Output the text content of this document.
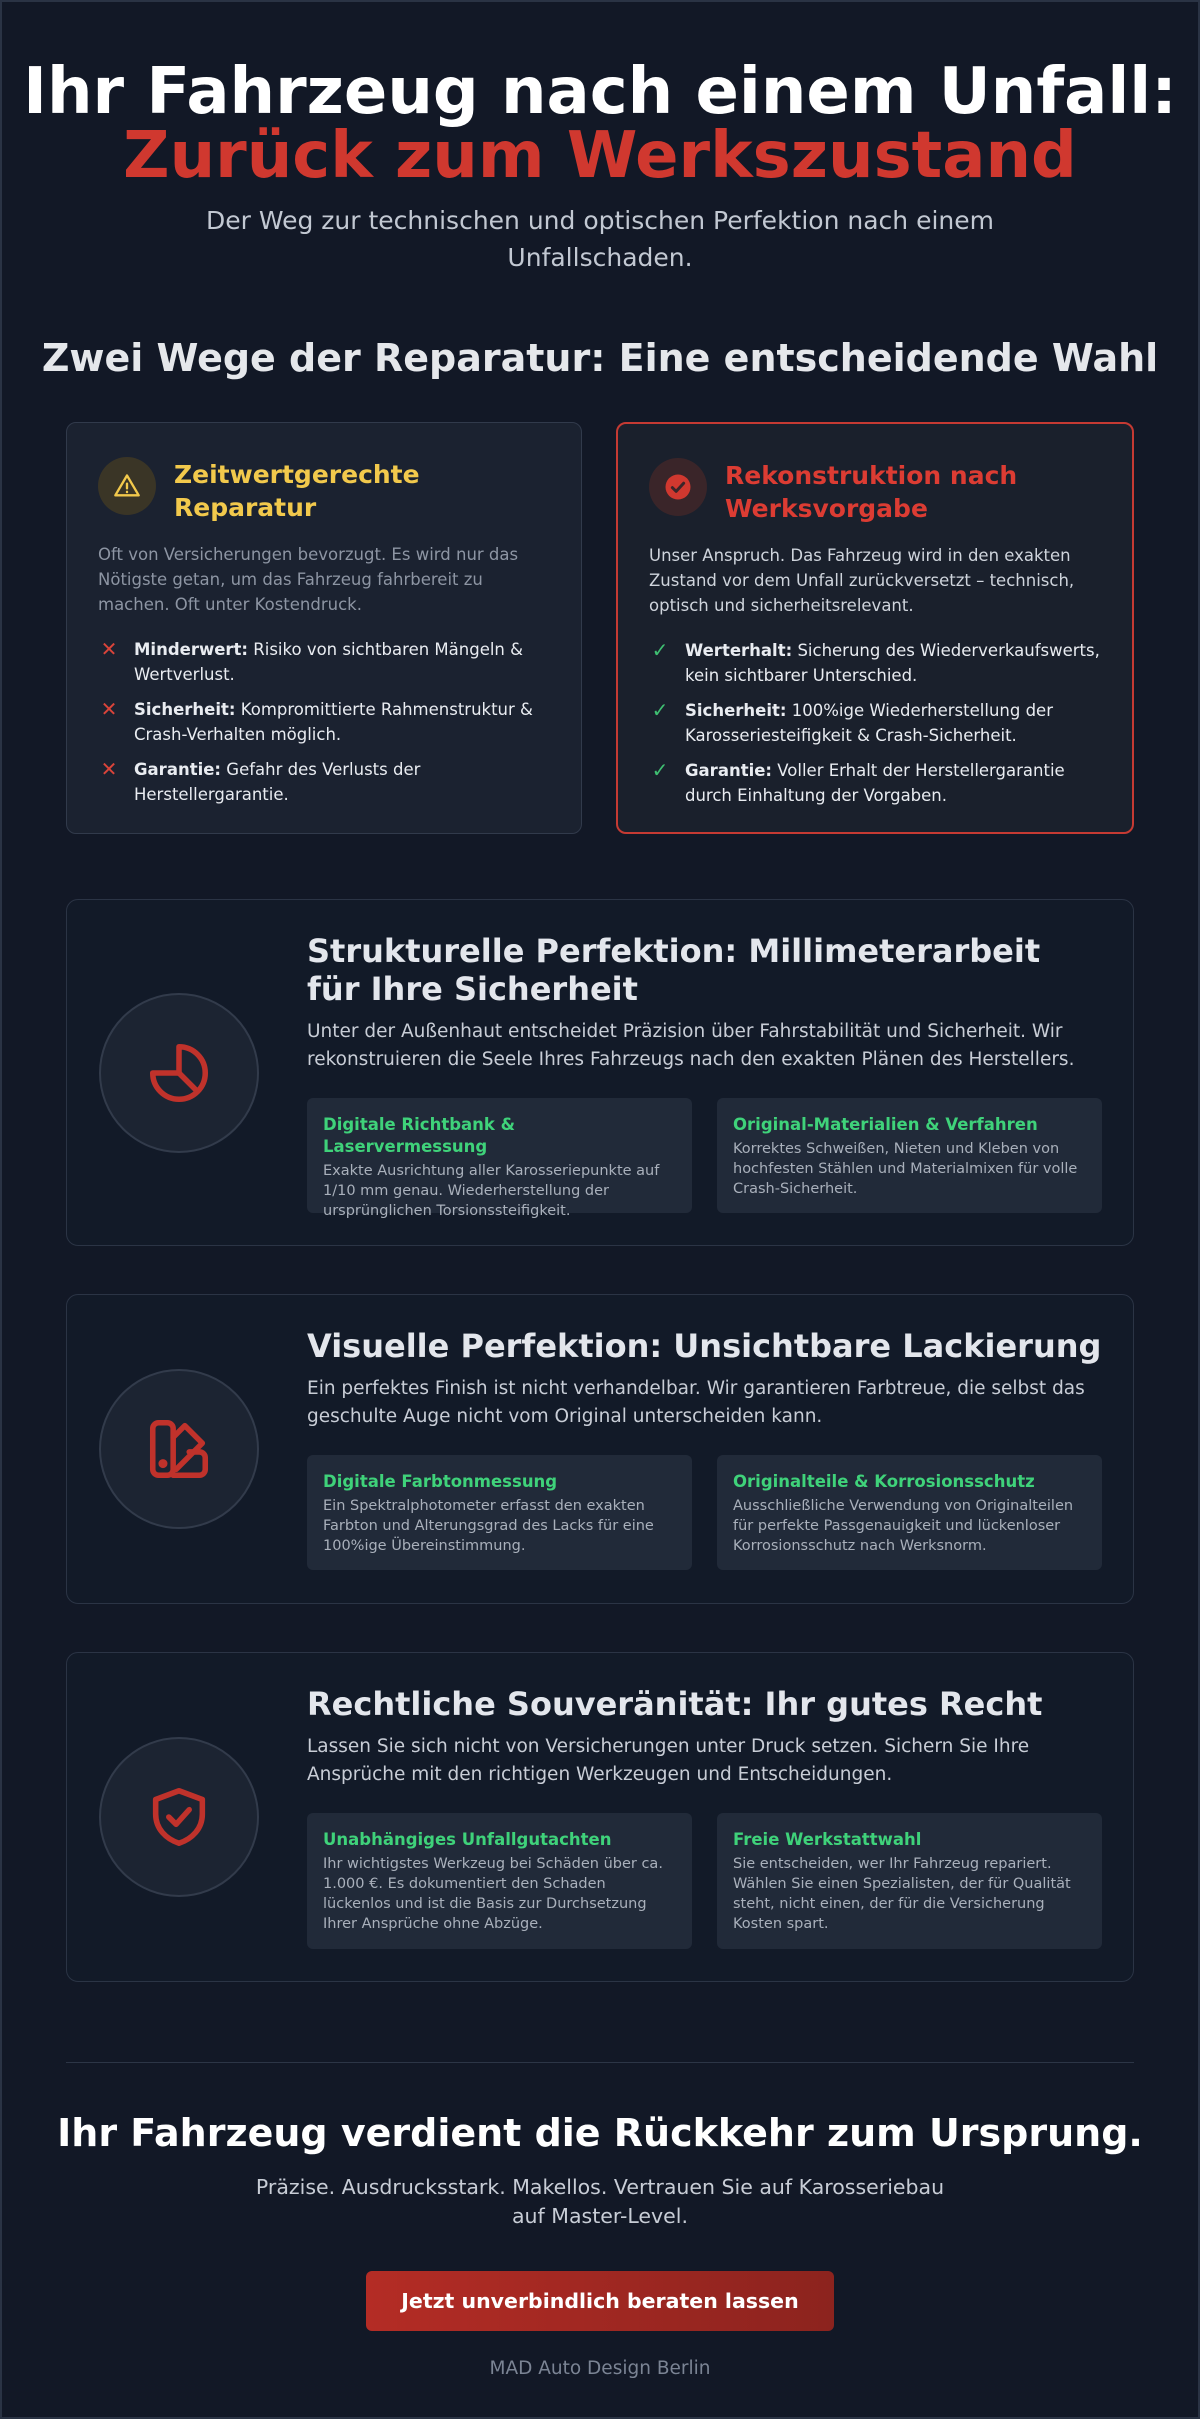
Ihr Fahrzeug nach einem Unfall:
Zurück zum Werkszustand

Der Weg zur technischen und optischen Perfektion nach einem Unfallschaden.

Zwei Wege der Reparatur: Eine entscheidende Wahl
Zeitwertgerechte Reparatur

Oft von Versicherungen bevorzugt. Es wird nur das Nötigste getan, um das Fahrzeug fahrbereit zu machen. Oft unter Kostendruck.

✕ Minderwert: Risiko von sichtbaren Mängeln & Wertverlust.
✕ Sicherheit: Kompromittierte Rahmenstruktur & Crash-Verhalten möglich.
✕ Garantie: Gefahr des Verlusts der Herstellergarantie.
Rekonstruktion nach Werksvorgabe

Unser Anspruch. Das Fahrzeug wird in den exakten Zustand vor dem Unfall zurückversetzt – technisch, optisch und sicherheitsrelevant.

✓ Werterhalt: Sicherung des Wiederverkaufswerts, kein sichtbarer Unterschied.
✓ Sicherheit: 100%ige Wiederherstellung der Karosseriesteifigkeit & Crash-Sicherheit.
✓ Garantie: Voller Erhalt der Herstellergarantie durch Einhaltung der Vorgaben.
Strukturelle Perfektion: Millimeterarbeit für Ihre Sicherheit

Unter der Außenhaut entscheidet Präzision über Fahrstabilität und Sicherheit. Wir rekonstruieren die Seele Ihres Fahrzeugs nach den exakten Plänen des Herstellers.

Digitale Richtbank & Laservermessung
Exakte Ausrichtung aller Karosseriepunkte auf 1/10 mm genau. Wiederherstellung der ursprünglichen Torsionssteifigkeit.
Original-Materialien & Verfahren
Korrektes Schweißen, Nieten und Kleben von hochfesten Stählen und Materialmixen für volle Crash-Sicherheit.
Visuelle Perfektion: Unsichtbare Lackierung

Ein perfektes Finish ist nicht verhandelbar. Wir garantieren Farbtreue, die selbst das geschulte Auge nicht vom Original unterscheiden kann.

Digitale Farbtonmessung
Ein Spektralphotometer erfasst den exakten Farbton und Alterungsgrad des Lacks für eine 100%ige Übereinstimmung.
Originalteile & Korrosionsschutz
Ausschließliche Verwendung von Originalteilen für perfekte Passgenauigkeit und lückenloser Korrosionsschutz nach Werksnorm.
Rechtliche Souveränität: Ihr gutes Recht

Lassen Sie sich nicht von Versicherungen unter Druck setzen. Sichern Sie Ihre Ansprüche mit den richtigen Werkzeugen und Entscheidungen.

Unabhängiges Unfallgutachten
Ihr wichtigstes Werkzeug bei Schäden über ca. 1.000 €. Es dokumentiert den Schaden lückenlos und ist die Basis zur Durchsetzung Ihrer Ansprüche ohne Abzüge.
Freie Werkstattwahl
Sie entscheiden, wer Ihr Fahrzeug repariert. Wählen Sie einen Spezialisten, der für Qualität steht, nicht einen, der für die Versicherung Kosten spart.
Ihr Fahrzeug verdient die Rückkehr zum Ursprung.

Präzise. Ausdrucksstark. Makellos. Vertrauen Sie auf Karosseriebau auf Master-Level.

Jetzt unverbindlich beraten lassen
MAD Auto Design Berlin
